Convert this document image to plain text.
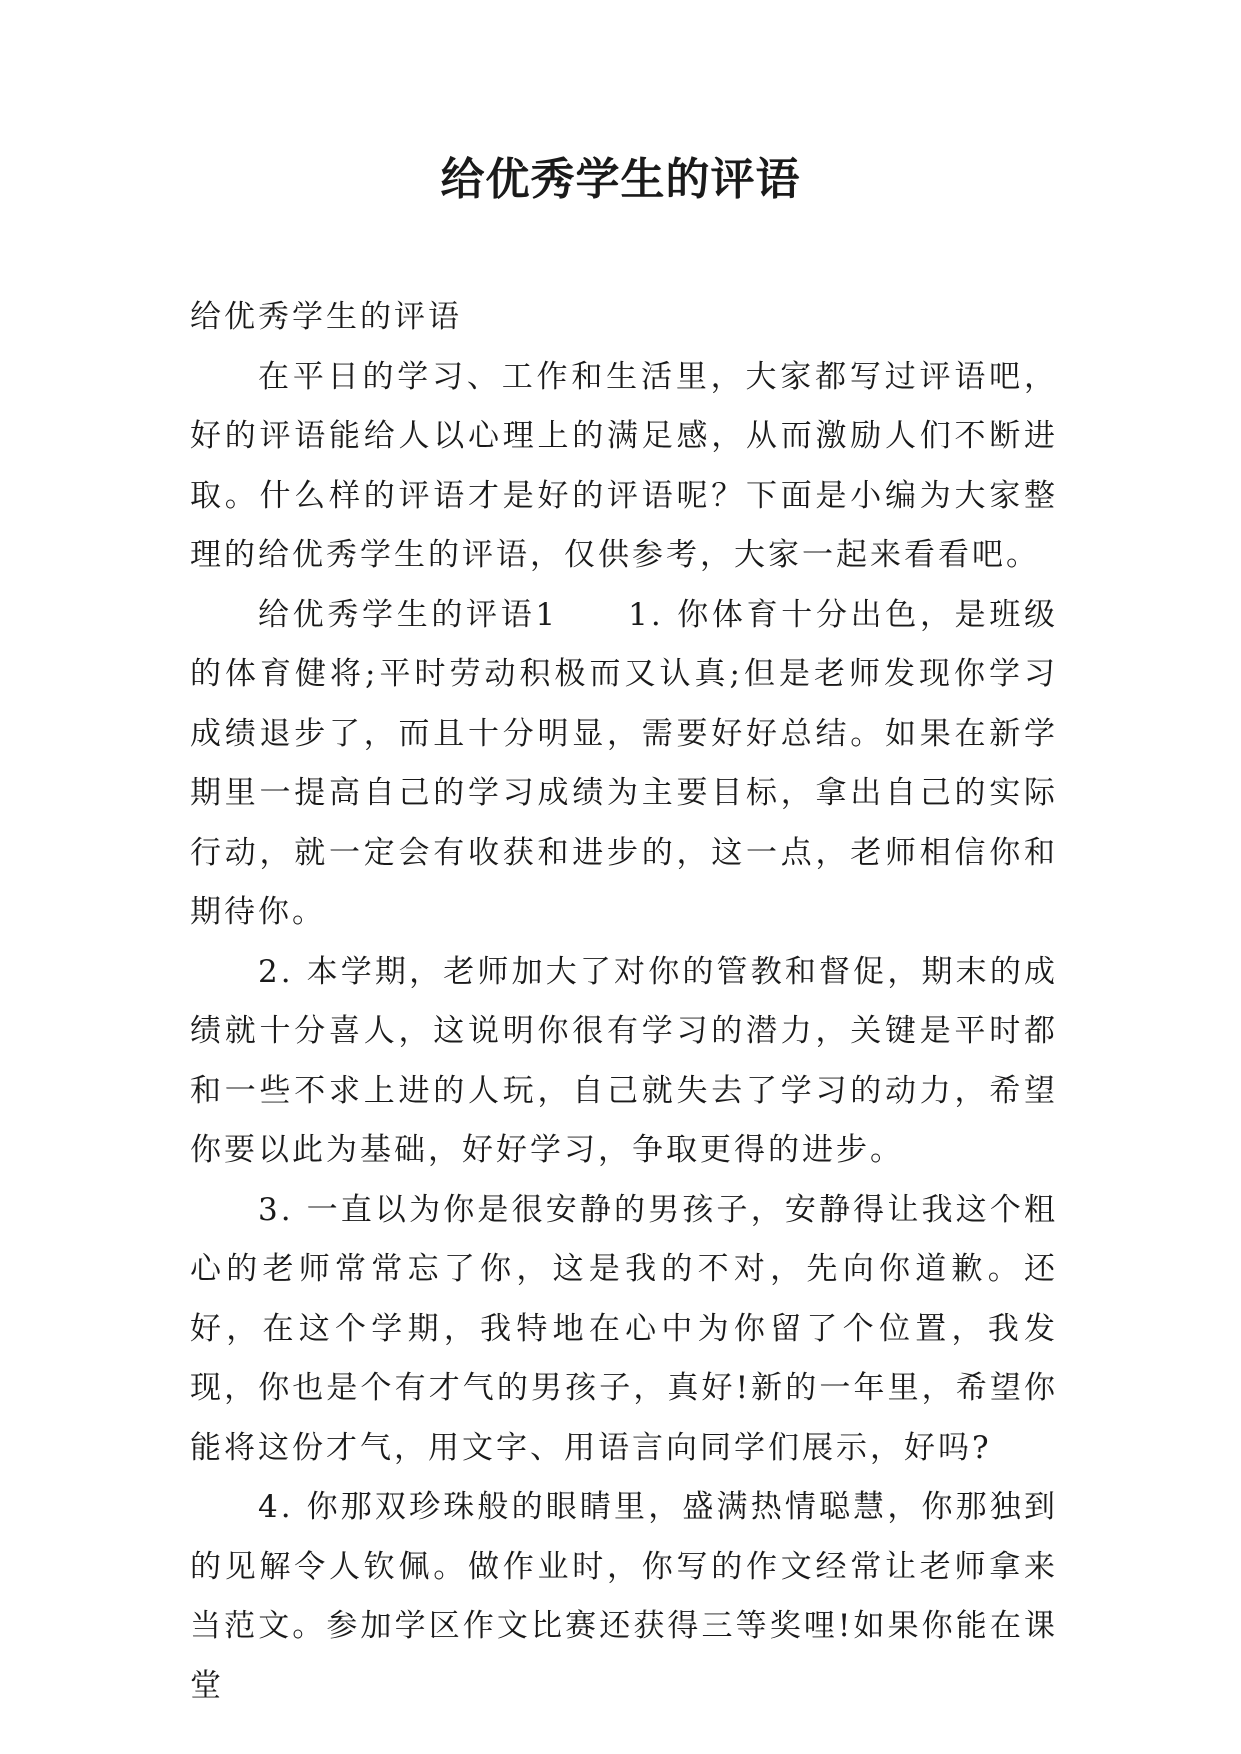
给优秀学生的评语

给优秀学生的评语

在平日的学习、工作和生活里，大家都写过评语吧，好的评语能给人以心理上的满足感，从而激励人们不断进取。什么样的评语才是好的评语呢？下面是小编为大家整理的给优秀学生的评语，仅供参考，大家一起来看看吧。

给优秀学生的评语1　　1. 你体育十分出色，是班级的体育健将;平时劳动积极而又认真;但是老师发现你学习成绩退步了，而且十分明显，需要好好总结。如果在新学期里一提高自己的学习成绩为主要目标，拿出自己的实际行动，就一定会有收获和进步的，这一点，老师相信你和期待你。

2. 本学期，老师加大了对你的管教和督促，期末的成绩就十分喜人，这说明你很有学习的潜力，关键是平时都和一些不求上进的人玩，自己就失去了学习的动力，希望你要以此为基础，好好学习，争取更得的进步。

3. 一直以为你是很安静的男孩子，安静得让我这个粗心的老师常常忘了你，这是我的不对，先向你道歉。还好，在这个学期，我特地在心中为你留了个位置，我发现，你也是个有才气的男孩子，真好!新的一年里，希望你能将这份才气，用文字、用语言向同学们展示，好吗?

4. 你那双珍珠般的眼睛里，盛满热情聪慧，你那独到的见解令人钦佩。做作业时，你写的作文经常让老师拿来当范文。参加学区作文比赛还获得三等奖哩!如果你能在课堂
